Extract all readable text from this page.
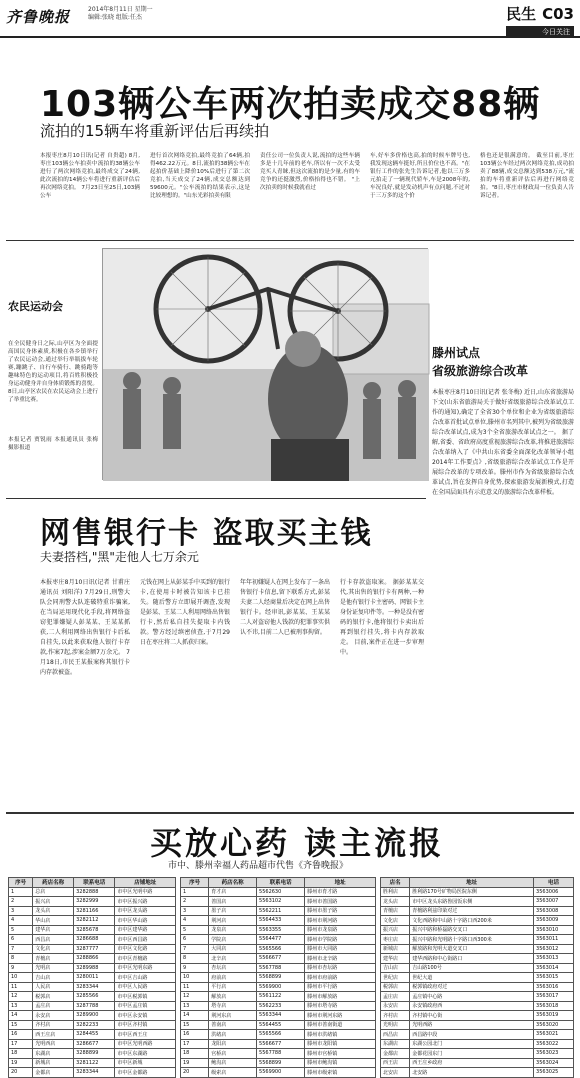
齐鲁晚报	2014年8月11日 星期一
编辑:张晓 组版:任杰	民生 C03
今日关注
103辆公车两次拍卖成交88辆
流拍的15辆车将重新评估后再续拍
本报枣庄8月10日讯(记者 自贵超) 8月,枣庄103辆公车拍卖中流拍的38辆公车进行了两次网络竞拍,最终成交了24辆,此次流拍的14辆公车将进行重新评估后再次网络竞拍。 7月23日至25日,103辆公车
进行首次网络竞拍,最终竞拍了64辆,拍得462.22万元。8日,流拍的38辆公车在起拍价基础上降价10%后进行了第二次竞拍,当天成交了24辆,成交总额达到59600元。"公车流拍的结果表示,这是比较理想的。"山东光彩拍卖有限
责任公司一位负责人说,流拍的这些车辆多是十几年前的老车,所以有一次不太受竞买人青睐,但这次流拍的是少量,有的车竞争的还挺激烈,价格抬得也不错。 "上次拍卖的时候我就看过
车,好车多价格也高,拍的时候车牌号也,我发现这辆车挺好,所且价位也不高。"在银行工作的张先生告诉记者,他以三万多元拍走了一辆现代轿车,车是2008年的,车况良好,就是发动机声有点问题,不过对于三万多的这个价
格也还是很满意的。 截至目前,枣庄103辆公车经过两次网络竞拍,成功拍卖了88辆,成交总额达到538万元,"流拍的车将重新评估后再进行网络竞拍。"8日,枣庄市财政局一位负责人告诉记者。
农民运动会
在全民健身日之际,山亭区为全面提高国民身体素质,积极在各乡镇举行了农民运动会,通过举行举瓶拔车轮赛,蹦跳子、自行车骑行、跳骑跑等趣味特色的运动项目,将百姓积极投身运动健身并自身体质锻炼的喜悦。8日,山亭区农民在农民运动会上进行了举重比赛。
本报记者 贾锐雨 本报通讯员 张梅 摄影报道
滕州试点
省级旅游综合改革
本报枣庄8月10日讯(记者 张冬梅) 近日,山东省旅游局下文(山东省旅游局关于做好省级旅游综合改革试点工作的通知),确定了全省30个单位和企业为省级旅游综合改革首批试点单位,滕州市名列其中,被列为省级旅游综合改革试点,成为3个全省旅游改革试点之一。 据了解,省委、省政府高度重视旅游综合改革,将推进旅游综合改革纳入了《中共山东省委全面深化改革领导小组2014年工作要点》,省级旅游综合改革试点工作是开展综合改革的专项改革。滕州市作为省级旅游综合改革试点,旨在发挥自身优势,探索旅游发展新模式,打造在全国层面具有示范意义的旅游综合改革样板。
网售银行卡 盗取买主钱
夫妻搭档,"黑"走他人七万余元
本报枣庄8月10日讯(记者 甘甫庄 通讯员 刘阳洋) 7月29日,刑警大队会同刑警大队连破特重诈骗案,在当局运用现代化手段,将网络盗窃犯罪嫌疑人彭某某、王某某抓获,二人利用网络出售银行卡后私自挂失,以此来获取他人银行卡存款,作案7起,涉案金额7万余元。 7月18日,市民王某报案称其银行卡内存款被盗。
元钱在网上从彭某手中买到的银行卡,在使用卡时被告知该卡已挂失。随后警方立即展开调查,发现是彭某、王某二人利用网络出售银行卡,然后私自挂失提取卡内钱款。警方经过缜密侦查,于7月29日在枣庄将二人抓获归案。
年年初嫌疑人在网上发布了一条出售银行卡信息,留下联系方式,彭某夫妻二人经商量后决定在网上出售银行卡。经审讯,彭某某、王某某二人对盗窃他人钱款的犯罪事实供认不讳,目前二人已被刑事拘留。
行卡存款盗取案。 据彭某某交代,其出售的银行卡有两种,一种是他有银行卡主密码、网银卡主身份证复印件等。一种是没有密码的银行卡,他将银行卡卖出后再到银行挂失,将卡内存款取走。 目前,案件正在进一步审理中。
买放心药 读主流报
市中、滕州幸福人药品超市代售《齐鲁晚报》
序号	药店名称	联系电话	店铺地址
1	总店	3282888	市中区光明中路
2	振兴店	3282999	市中区振兴路
3	龙头店	3281166	市中区龙头路
4	华山店	3282112	市中区华山路
5	建华店	3285678	市中区建华路
6	西昌店	3286688	市中区西昌路
7	文化店	3287777	市中区文化路
8	青檀店	3288866	市中区青檀路
9	光明店	3289988	市中区光明东路
10	吉山店	3280011	市中区吉山路
11	人民店	3283344	市中区人民路
12	税郭店	3285566	市中区税郭镇
13	孟庄店	3287788	市中区孟庄镇
14	永安店	3289900	市中区永安镇
15	齐村店	3282233	市中区齐村镇
16	西王庄店	3284455	市中区西王庄
17	光明西店	3286677	市中区光明西路
18	东湖店	3288899	市中区东湖路
19	新城店	3281122	市中区新城
20	金都店	3283344	市中区金都路
序号	药店名称	联系电话	地址
1	育才店	5562630	滕州市育才路
2	善国店	5563102	滕州市善国路
3	墨子店	5562211	滕州市墨子路
4	荆河店	5564433	滕州市荆河路
5	龙泉店	5563355	滕州市龙泉路
6	学院店	5564477	滕州市学院路
7	大同店	5565566	滕州市大同路
8	北辛店	5566677	滕州市北辛路
9	杏坛店	5567788	滕州市杏坛路
10	府前店	5568899	滕州市府前路
11	平行店	5569900	滕州市平行路
12	解放店	5561122	滕州市解放路
13	塔寺店	5562233	滕州市塔寺路
14	荆河东店	5563344	滕州市荆河东路
15	善南店	5564455	滕州市善南街道
16	洪绪店	5565566	滕州市洪绪镇
17	龙阳店	5566677	滕州市龙阳镇
18	官桥店	5567788	滕州市官桥镇
19	鲍沟店	5568899	滕州市鲍沟镇
20	级索店	5569900	滕州市级索镇
店名	地址	电话
胜利店	胜利路170号矿物局医院东侧	3563006
龙头店	市中区龙头东路鲁园饭东侧	3563007
青檀店	青檀路利兹印染对过	3563008
文化店	文化西路和中山路十字路口西200米	3563009
振兴店	振兴中路和桥磊路交叉口	3563010
枣庄店	振兴中路和光明路十字路口西300米	3563011
新城店	解放路和光明大道交叉口	3563012
建华店	建华西路和中心街路口	3563013
吉山店	吉山路100号	3563014
世纪店	世纪大道	3563015
税郭店	税郭镇政府对过	3563016
孟庄店	孟庄镇中心路	3563017
永安店	永安镇政府西	3563018
齐村店	齐村镇中心街	3563019
光明店	光明西路	3563020
西昌店	西昌路中段	3563021
东湖店	东湖公园北门	3563022
金都店	金都花园东门	3563023
西王店	西王庄乡政府	3563024
北安店	北安路	3563025
